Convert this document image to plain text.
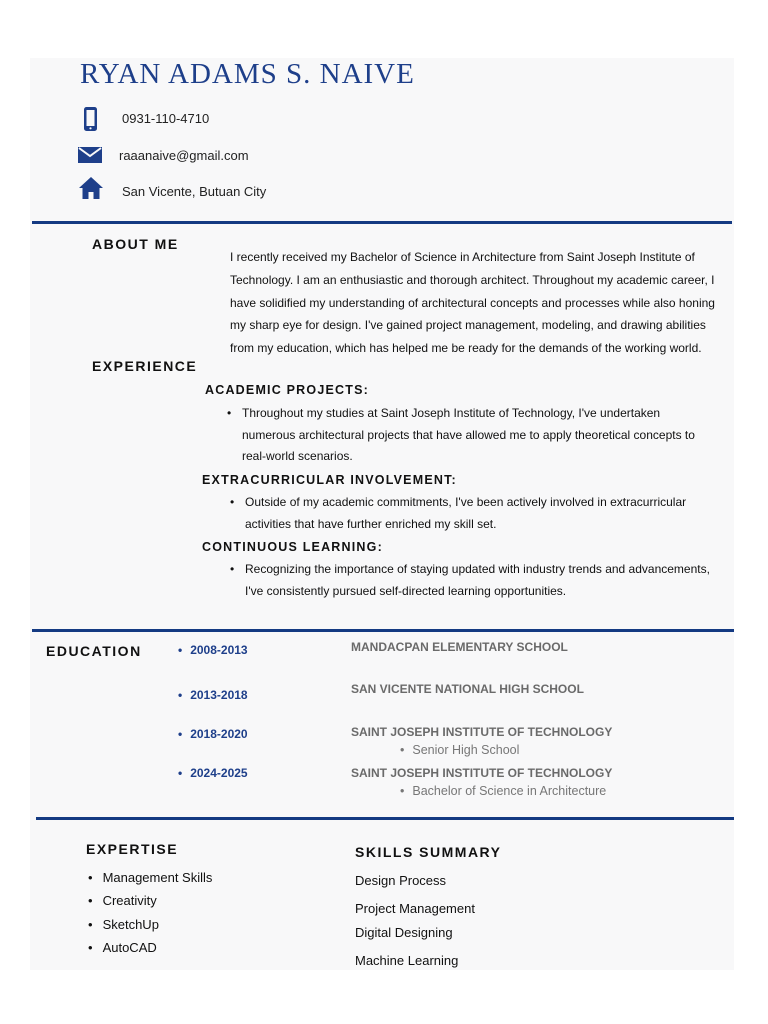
RYAN ADAMS S. NAIVE
0931-110-4710
raaanaive@gmail.com
San Vicente, Butuan City
ABOUT ME
I recently received my Bachelor of Science in Architecture from Saint Joseph Institute of
Technology. I am an enthusiastic and thorough architect. Throughout my academic career, I
have solidified my understanding of architectural concepts and processes while also honing
my sharp eye for design. I've gained project management, modeling, and drawing abilities
from my education, which has helped me be ready for the demands of the working world.
EXPERIENCE
ACADEMIC PROJECTS:
• Throughout my studies at Saint Joseph Institute of Technology, I've undertaken
numerous architectural projects that have allowed me to apply theoretical concepts to
real-world scenarios.
EXTRACURRICULAR INVOLVEMENT:
• Outside of my academic commitments, I've been actively involved in extracurricular
activities that have further enriched my skill set.
CONTINUOUS LEARNING:
• Recognizing the importance of staying updated with industry trends and advancements,
I've consistently pursued self-directed learning opportunities.
EDUCATION
•	2008-2013	MANDACPAN ELEMENTARY SCHOOL
• 2013-2018	SAN VICENTE NATIONAL HIGH SCHOOL
• 2018-2020	SAINT JOSEPH INSTITUTE OF TECHNOLOGY
• Senior High School
• 2024-2025	SAINT JOSEPH INSTITUTE OF TECHNOLOGY
• Bachelor of Science in Architecture
EXPERTISE
• Management Skills
• Creativity
• SketchUp
• AutoCAD
SKILLS SUMMARY
Design Process
Project Management
Digital Designing
Machine Learning
